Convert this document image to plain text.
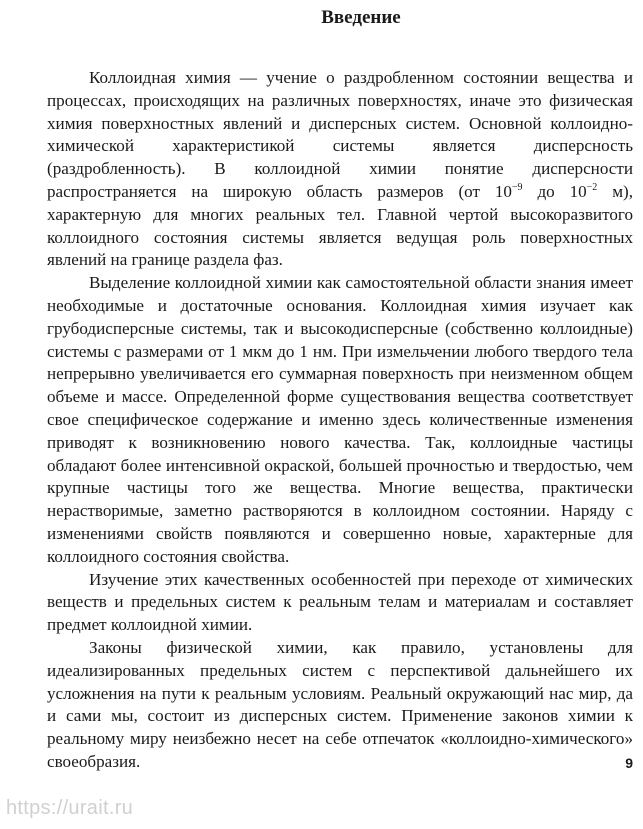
Введение

Коллоидная химия — учение о раздробленном состоянии вещества и процессах, происходящих на различных поверхностях, иначе это физическая химия поверхностных явлений и дисперсных систем. Основной коллоидно-химической характеристикой системы является дисперсность (раздробленность). В коллоидной химии понятие дисперсности распространяется на широкую область размеров (от $10^{-9}$ до $10^{-2}$ м), характерную для многих реальных тел. Главной чертой высокоразвитого коллоидного состояния системы является ведущая роль поверхностных явлений на границе раздела фаз.

Выделение коллоидной химии как самостоятельной области знания имеет необходимые и достаточные основания. Коллоидная химия изучает как грубодисперсные системы, так и высокодисперсные (собственно коллоидные) системы с размерами от 1 мкм до 1 нм. При измельчении любого твердого тела непрерывно увеличивается его суммарная поверхность при неизменном общем объеме и массе. Определенной форме существования вещества соответствует свое специфическое содержание и именно здесь количественные изменения приводят к возникновению нового качества. Так, коллоидные частицы обладают более интенсивной окраской, большей прочностью и твердостью, чем крупные частицы того же вещества. Многие вещества, практически нерастворимые, заметно растворяются в коллоидном состоянии. Наряду с изменениями свойств появляются и совершенно новые, характерные для коллоидного состояния свойства.

Изучение этих качественных особенностей при переходе от химических веществ и предельных систем к реальным телам и материалам и составляет предмет коллоидной химии.

Законы физической химии, как правило, установлены для идеализированных предельных систем с перспективой дальнейшего их усложнения на пути к реальным условиям. Реальный окружающий нас мир, да и сами мы, состоит из дисперсных систем. Применение законов химии к реальному миру неизбежно несет на себе отпечаток «коллоидно-химического» своеобразия.	9
https://urait.ru
